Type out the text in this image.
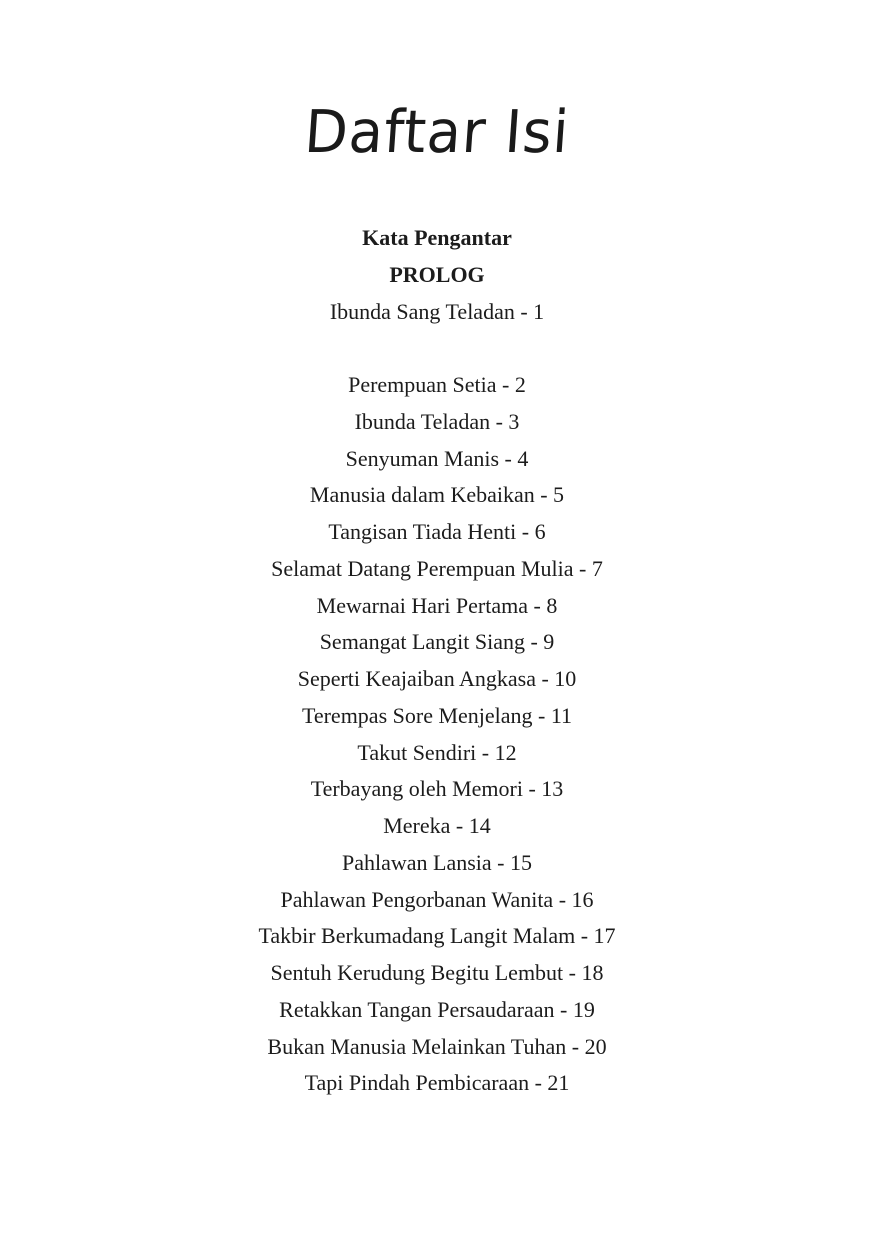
Daftar Isi
Kata Pengantar
PROLOG
Ibunda Sang Teladan - 1
Perempuan Setia - 2
Ibunda Teladan - 3
Senyuman Manis - 4
Manusia dalam Kebaikan - 5
Tangisan Tiada Henti - 6
Selamat Datang Perempuan Mulia - 7
Mewarnai Hari Pertama - 8
Semangat Langit Siang - 9
Seperti Keajaiban Angkasa - 10
Terempas Sore Menjelang - 11
Takut Sendiri - 12
Terbayang oleh Memori - 13
Mereka - 14
Pahlawan Lansia - 15
Pahlawan Pengorbanan Wanita - 16
Takbir Berkumadang Langit Malam - 17
Sentuh Kerudung Begitu Lembut - 18
Retakkan Tangan Persaudaraan - 19
Bukan Manusia Melainkan Tuhan - 20
Tapi Pindah Pembicaraan - 21
